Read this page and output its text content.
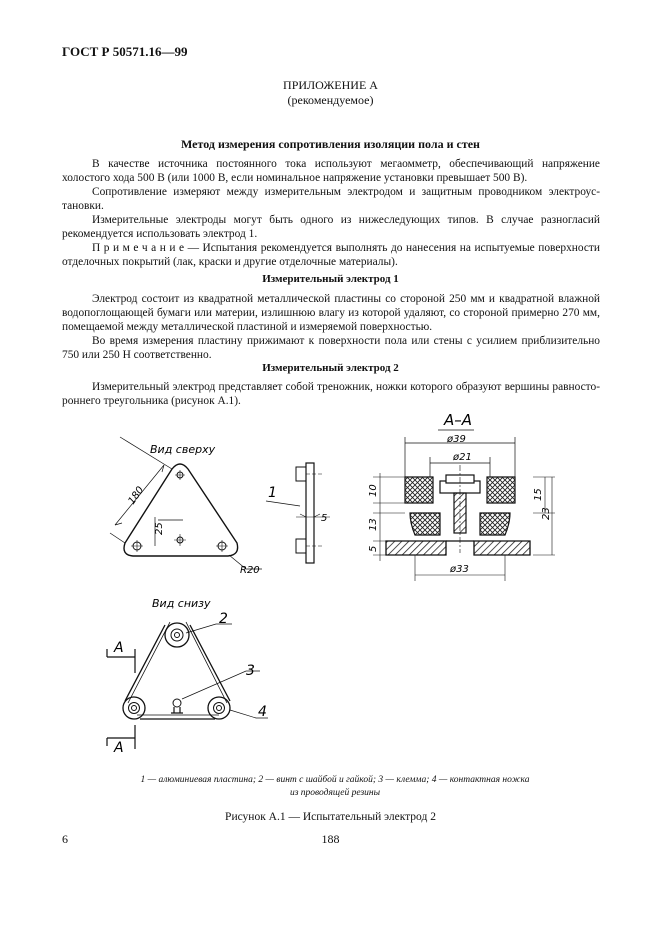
ГОСТ Р 50571.16—99
ПРИЛОЖЕНИЕ А
(рекомендуемое)
Метод измерения сопротивления изоляции пола и стен
В качестве источника постоянного тока используют мегаомметр, обеспечивающий напряжение холостого хода 500 В (или 1000 В, если номинальное напряжение установки превышает 500 В).
Сопротивление измеряют между измерительным электродом и защитным проводником электроустановки.
Измерительные электроды могут быть одного из нижеследующих типов. В случае разногласий рекомендуется использовать электрод 1.
П р и м е ч а н и е — Испытания рекомендуется выполнять до нанесения на испытуемые поверхности отделочных покрытий (лак, краски и другие отделочные материалы).
Измерительный электрод 1
Электрод состоит из квадратной металлической пластины со стороной 250 мм и квадратной влажной водопоглощающей бумаги или материи, излишнюю влагу из которой удаляют, со стороной примерно 270 мм, помещаемой между металлической пластиной и измеряемой поверхностью.
Во время измерения пластину прижимают к поверхности пола или стены с усилием приблизительно 750 или 250 Н соответственно.
Измерительный электрод 2
Измерительный электрод представляет собой треножник, ножки которого образуют вершины равностороннего треугольника (рисунок А.1).
Вид сверху
180
25
R20
1
5
А–А
ø39
ø21
10
13
5
15
23
ø33
Вид снизу
2
3
4
А
А
1 — алюминиевая пластина; 2 — винт с шайбой и гайкой; 3 — клемма; 4 — контактная ножка
из проводящей резины
Рисунок А.1 — Испытательный электрод 2
6	188
